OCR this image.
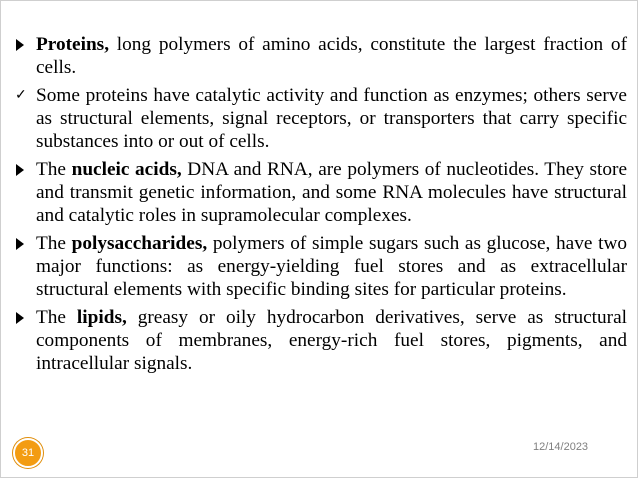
Proteins, long polymers of amino acids, constitute the largest fraction of cells.
✓ Some proteins have catalytic activity and function as enzymes; others serve as structural elements, signal receptors, or transporters that carry specific substances into or out of cells.
The nucleic acids, DNA and RNA, are polymers of nucleotides. They store and transmit genetic information, and some RNA molecules have structural and catalytic roles in supramolecular complexes.
The polysaccharides, polymers of simple sugars such as glucose, have two major functions: as energy-yielding fuel stores and as extracellular structural elements with specific binding sites for particular proteins.
The lipids, greasy or oily hydrocarbon derivatives, serve as structural components of membranes, energy-rich fuel stores, pigments, and intracellular signals.
12/14/2023
31
